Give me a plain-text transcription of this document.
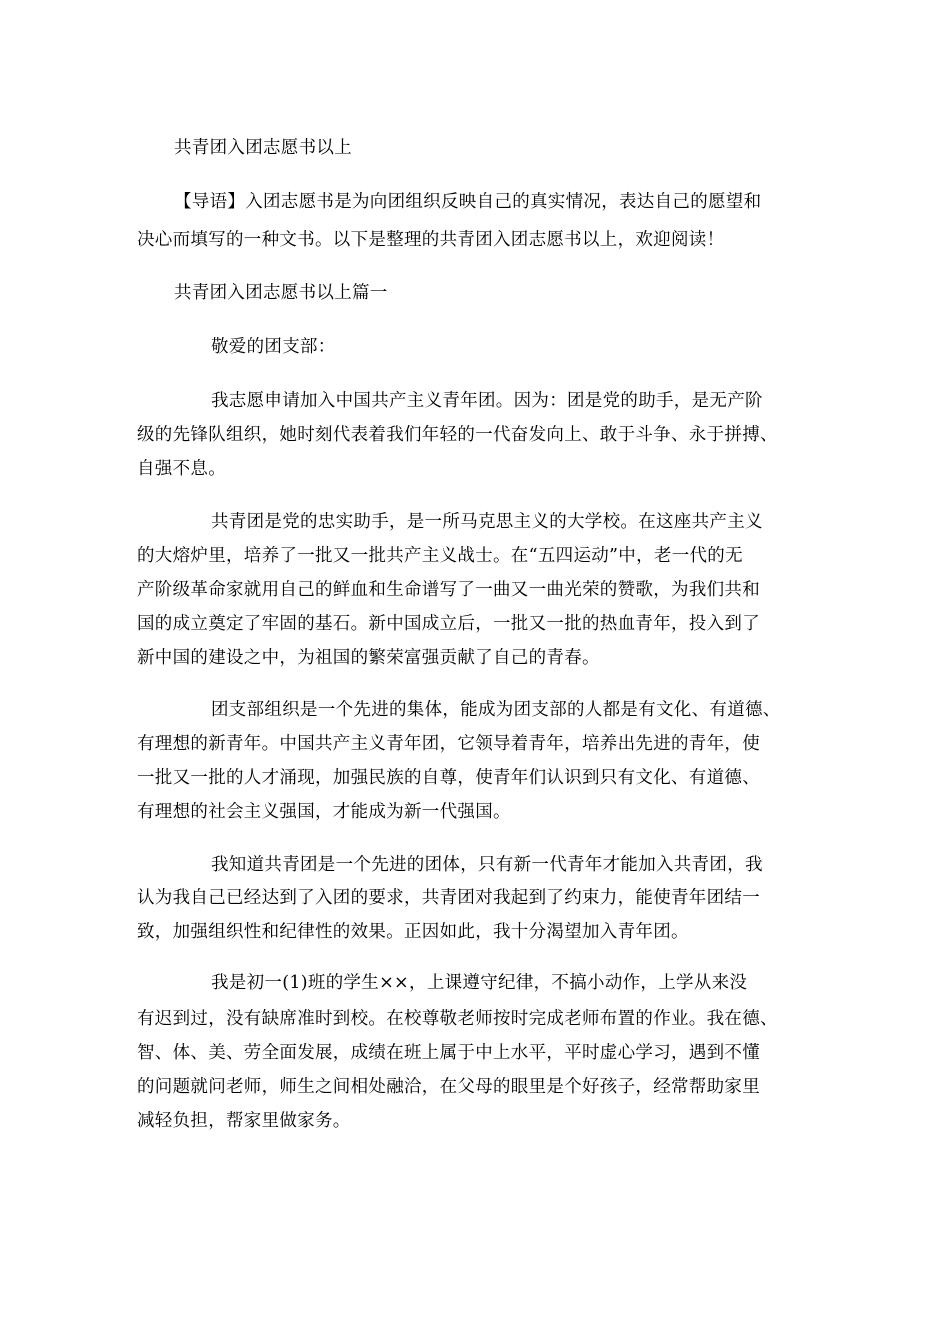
共青团入团志愿书以上
【导语】入团志愿书是为向团组织反映自己的真实情况，表达自己的愿望和
决心而填写的一种文书。以下是整理的共青团入团志愿书以上，欢迎阅读！
共青团入团志愿书以上篇一
敬爱的团支部：
我志愿申请加入中国共产主义青年团。因为：团是党的助手，是无产阶
级的先锋队组织，她时刻代表着我们年轻的一代奋发向上、敢于斗争、永于拼搏、
自强不息。
共青团是党的忠实助手，是一所马克思主义的大学校。在这座共产主义
的大熔炉里，培养了一批又一批共产主义战士。在“五四运动”中，老一代的无
产阶级革命家就用自己的鲜血和生命谱写了一曲又一曲光荣的赞歌，为我们共和
国的成立奠定了牢固的基石。新中国成立后，一批又一批的热血青年，投入到了
新中国的建设之中，为祖国的繁荣富强贡献了自己的青春。
团支部组织是一个先进的集体，能成为团支部的人都是有文化、有道德、
有理想的新青年。中国共产主义青年团，它领导着青年，培养出先进的青年，使
一批又一批的人才涌现，加强民族的自尊，使青年们认识到只有文化、有道德、
有理想的社会主义强国，才能成为新一代强国。
我知道共青团是一个先进的团体，只有新一代青年才能加入共青团，我
认为我自己已经达到了入团的要求，共青团对我起到了约束力，能使青年团结一
致，加强组织性和纪律性的效果。正因如此，我十分渴望加入青年团。
我是初一(1)班的学生××，上课遵守纪律，不搞小动作，上学从来没
有迟到过，没有缺席准时到校。在校尊敬老师按时完成老师布置的作业。我在德、
智、体、美、劳全面发展，成绩在班上属于中上水平，平时虚心学习，遇到不懂
的问题就问老师，师生之间相处融洽，在父母的眼里是个好孩子，经常帮助家里
减轻负担，帮家里做家务。
